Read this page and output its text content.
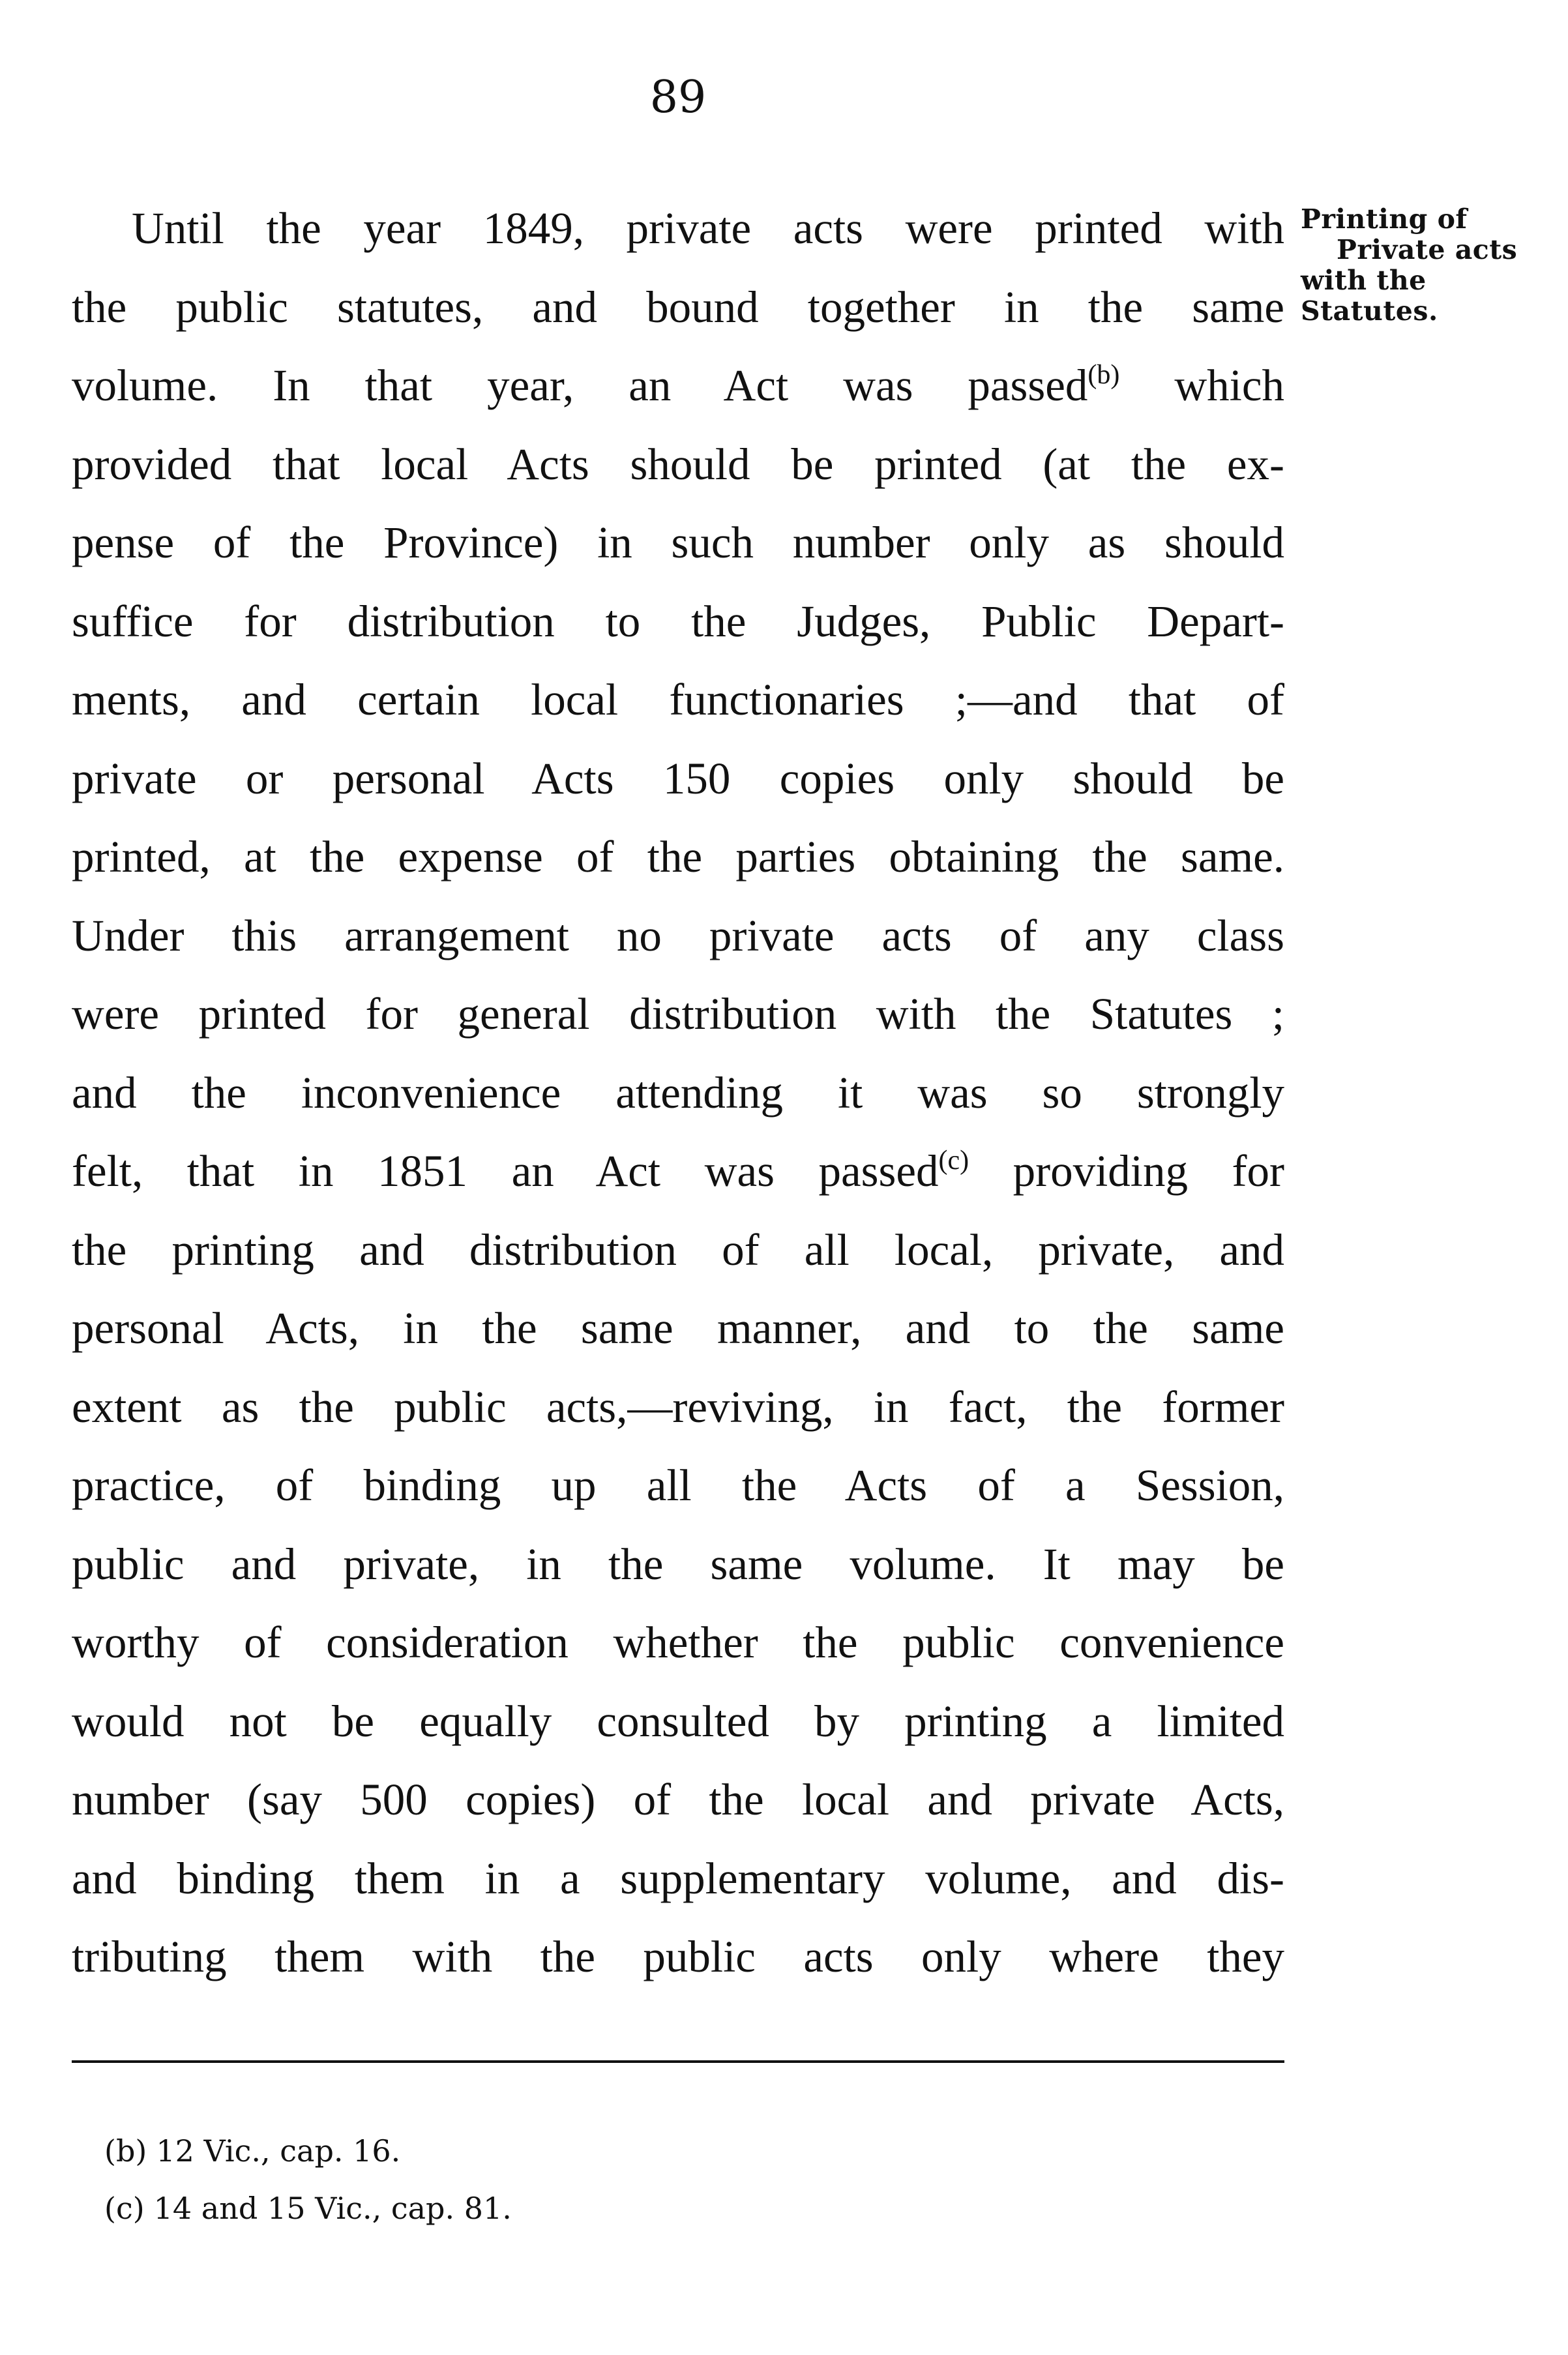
89
Printing of
Private acts
with the
Statutes.
Until the year 1849, private acts were printed with
the public statutes, and bound together in the same
volume. In that year, an Act was passed$^{(b)}$ which
provided that local Acts should be printed (at the ex-
pense of the Province) in such number only as should
suffice for distribution to the Judges, Public Depart-
ments, and certain local functionaries ;—and that of
private or personal Acts 150 copies only should be
printed, at the expense of the parties obtaining the same.
Under this arrangement no private acts of any class
were printed for general distribution with the Statutes ;
and the inconvenience attending it was so strongly
felt, that in 1851 an Act was passed$^{(c)}$ providing for
the printing and distribution of all local, private, and
personal Acts, in the same manner, and to the same
extent as the public acts,—reviving, in fact, the former
practice, of binding up all the Acts of a Session,
public and private, in the same volume. It may be
worthy of consideration whether the public convenience
would not be equally consulted by printing a limited
number (say 500 copies) of the local and private Acts,
and binding them in a supplementary volume, and dis-
tributing them with the public acts only where they
(b) 12 Vic., cap. 16.
(c) 14 and 15 Vic., cap. 81.
